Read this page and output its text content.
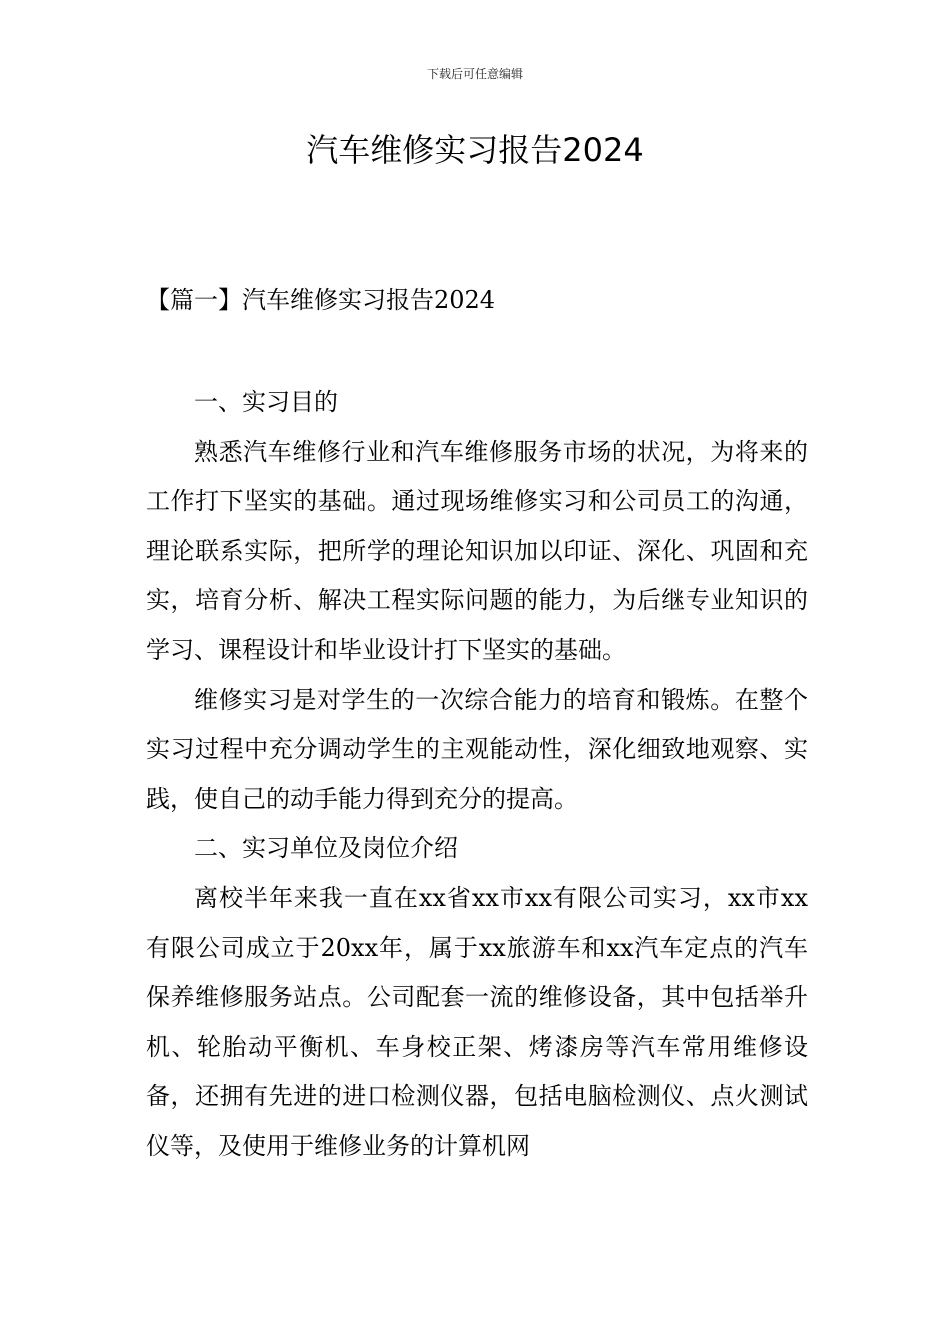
下载后可任意编辑
汽车维修实习报告2024
【篇一】汽车维修实习报告2024

一、实习目的

熟悉汽车维修行业和汽车维修服务市场的状况，为将来的工作打下坚实的基础。通过现场维修实习和公司员工的沟通，理论联系实际，把所学的理论知识加以印证、深化、巩固和充实，培育分析、解决工程实际问题的能力，为后继专业知识的学习、课程设计和毕业设计打下坚实的基础。

维修实习是对学生的一次综合能力的培育和锻炼。在整个实习过程中充分调动学生的主观能动性，深化细致地观察、实践，使自己的动手能力得到充分的提高。

二、实习单位及岗位介绍

离校半年来我一直在xx省xx市xx有限公司实习，xx市xx有限公司成立于20xx年，属于xx旅游车和xx汽车定点的汽车保养维修服务站点。公司配套一流的维修设备，其中包括举升机、轮胎动平衡机、车身校正架、烤漆房等汽车常用维修设备，还拥有先进的进口检测仪器，包括电脑检测仪、点火测试仪等，及使用于维修业务的计算机网
